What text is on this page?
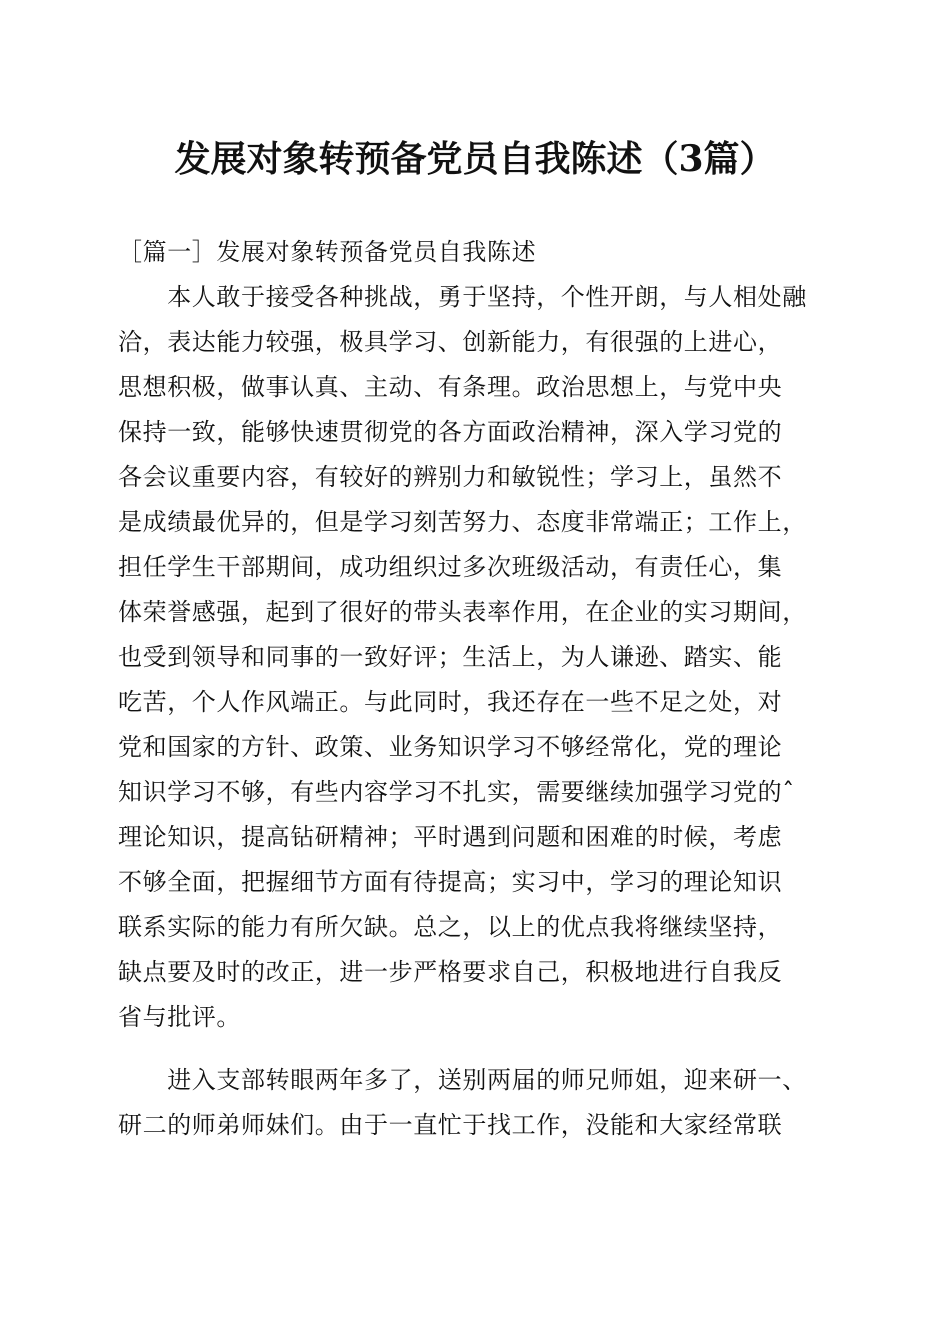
发展对象转预备党员自我陈述（3篇）
［篇一］发展对象转预备党员自我陈述
　　本人敢于接受各种挑战，勇于坚持，个性开朗，与人相处融
洽，表达能力较强，极具学习、创新能力，有很强的上进心，
思想积极，做事认真、主动、有条理。政治思想上，与党中央
保持一致，能够快速贯彻党的各方面政治精神，深入学习党的
各会议重要内容，有较好的辨别力和敏锐性；学习上，虽然不
是成绩最优异的，但是学习刻苦努力、态度非常端正；工作上，
担任学生干部期间，成功组织过多次班级活动，有责任心，集
体荣誉感强，起到了很好的带头表率作用，在企业的实习期间，
也受到领导和同事的一致好评；生活上，为人谦逊、踏实、能
吃苦，个人作风端正。与此同时，我还存在一些不足之处，对
党和国家的方针、政策、业务知识学习不够经常化，党的理论
知识学习不够，有些内容学习不扎实，需要继续加强学习党的ˆ
理论知识，提高钻研精神；平时遇到问题和困难的时候，考虑
不够全面，把握细节方面有待提高；实习中，学习的理论知识
联系实际的能力有所欠缺。总之，以上的优点我将继续坚持，
缺点要及时的改正，进一步严格要求自己，积极地进行自我反
省与批评。
　　进入支部转眼两年多了，送别两届的师兄师姐，迎来研一、
研二的师弟师妹们。由于一直忙于找工作，没能和大家经常联
